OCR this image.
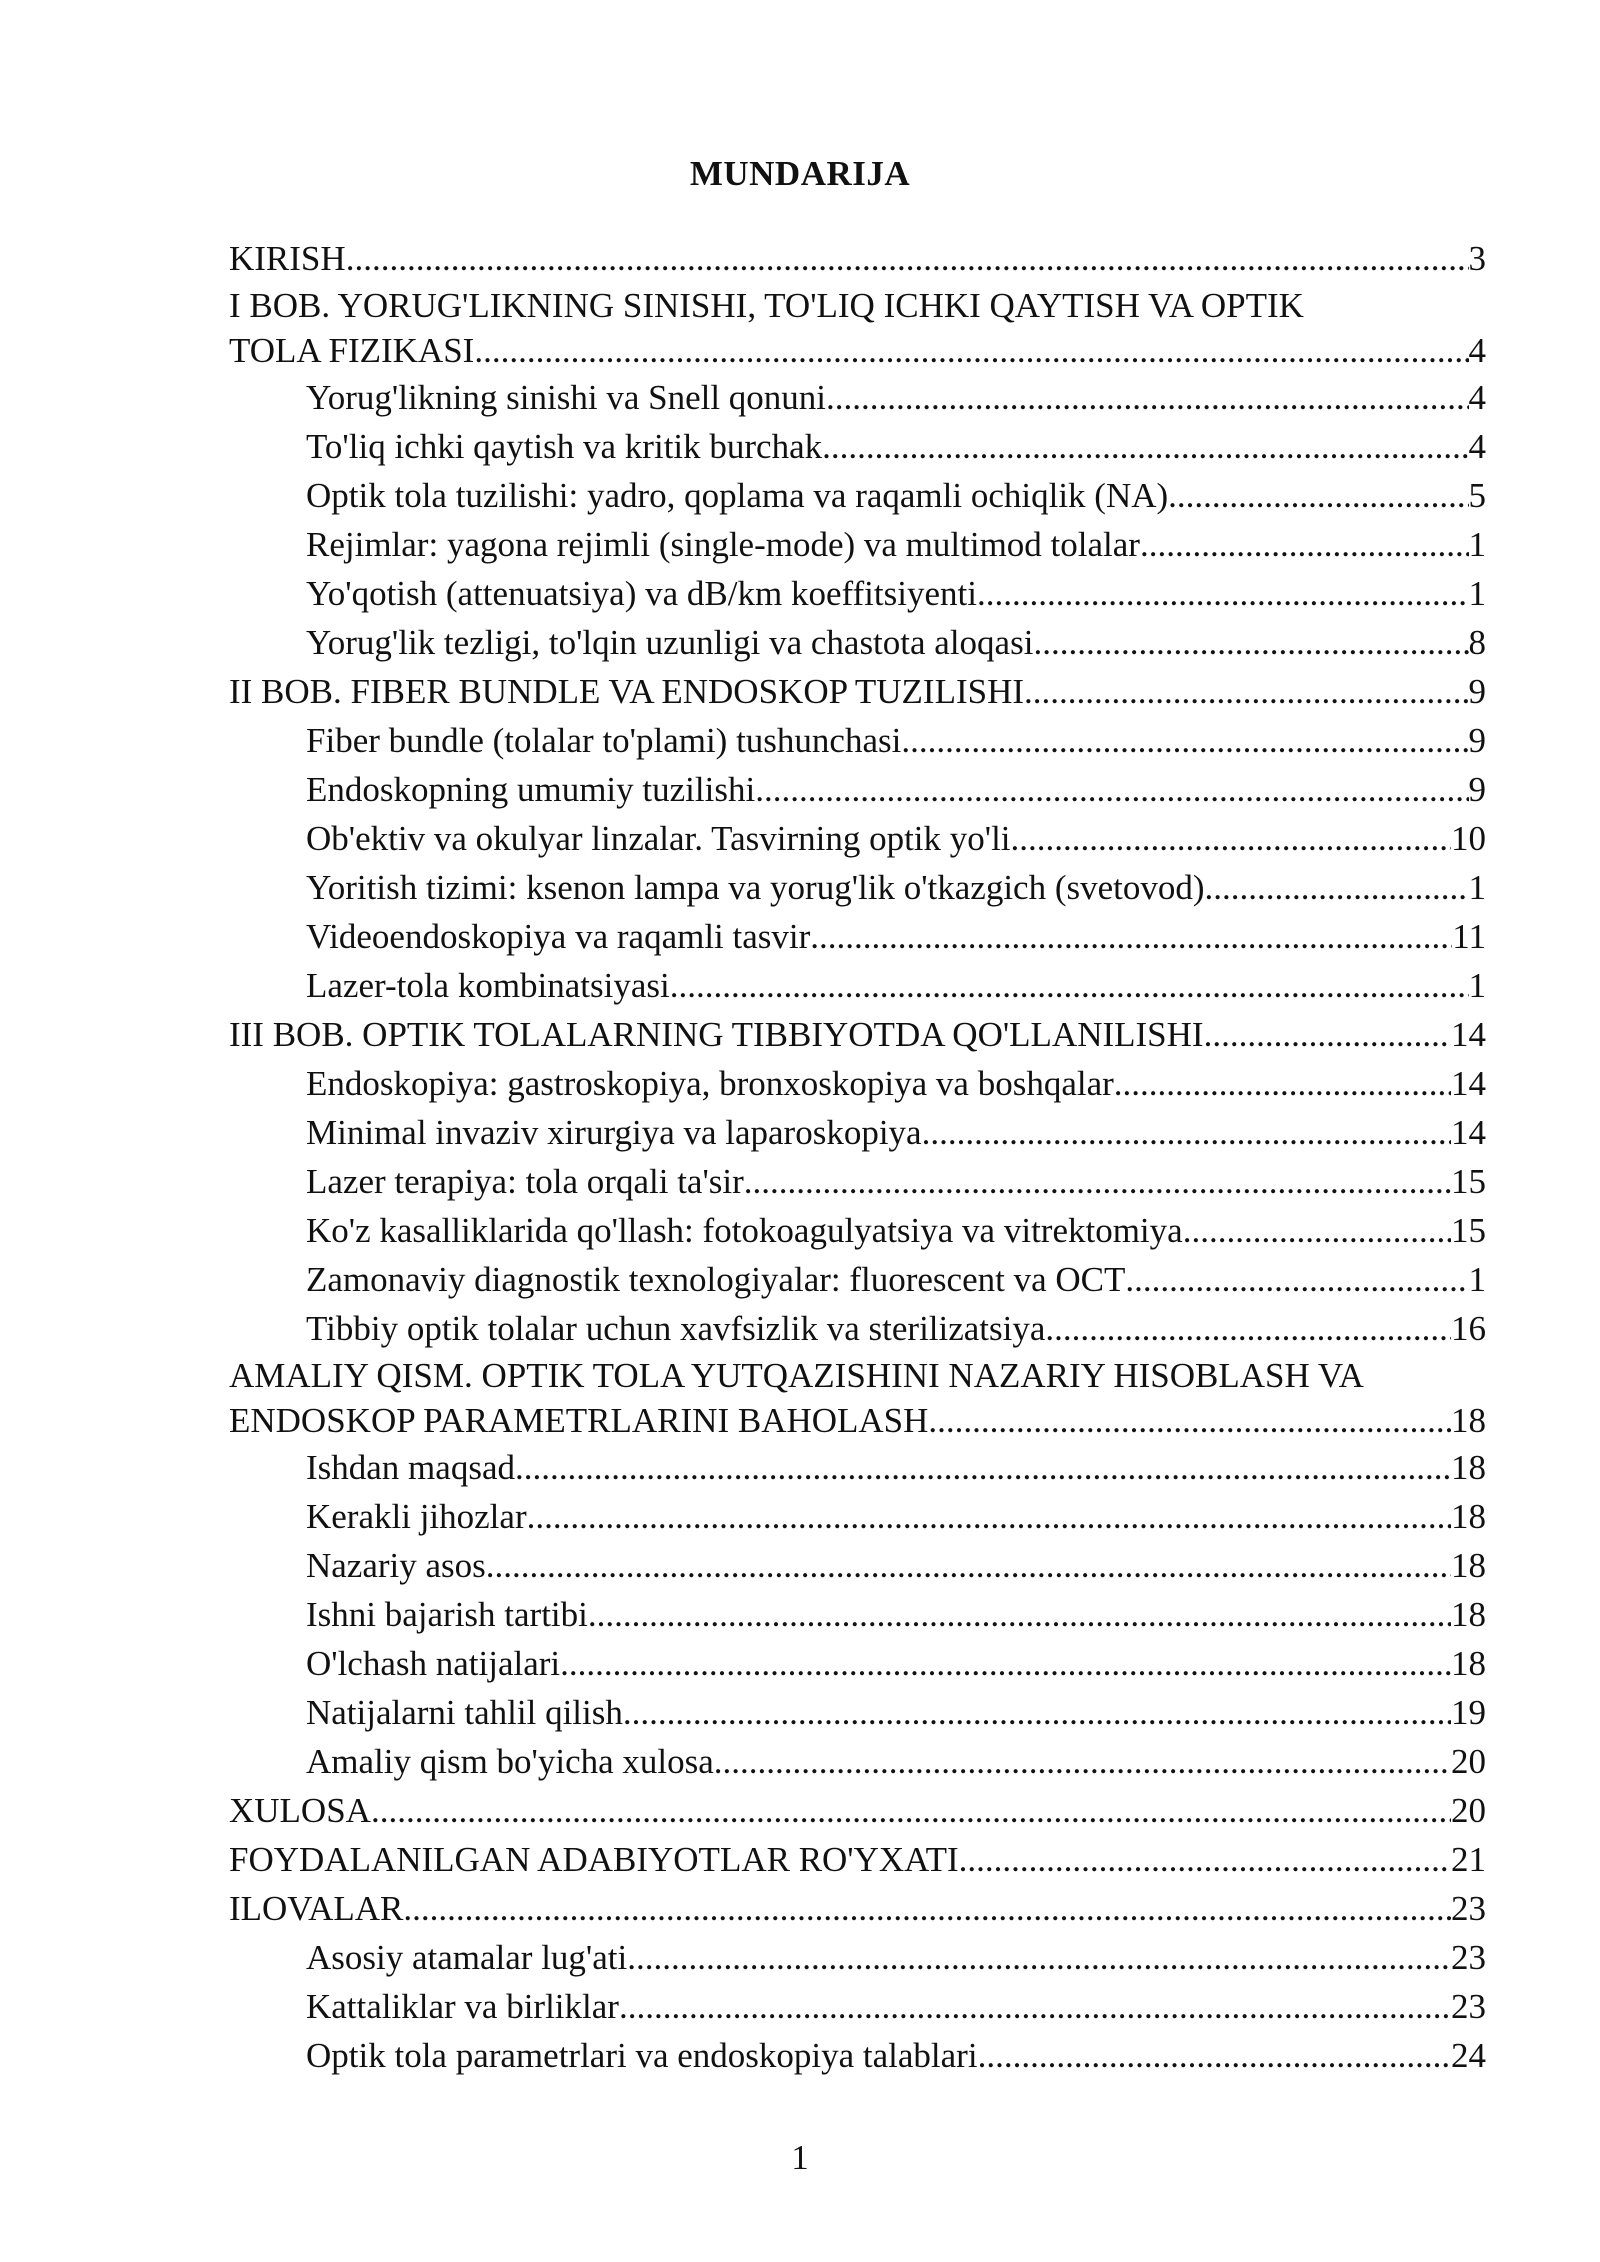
MUNDARIJA
KIRISH .....	3
I BOB. YORUG'LIKNING SINISHI, TO'LIQ ICHKI QAYTISH VA OPTIK
TOLA FIZIKASI .....	4
Yorug'likning sinishi va Snell qonuni .....	4
To'liq ichki qaytish va kritik burchak .....	4
Optik tola tuzilishi: yadro, qoplama va raqamli ochiqlik (NA) .....	5
Rejimlar: yagona rejimli (single-mode) va multimod tolalar .....	1
Yo'qotish (attenuatsiya) va dB/km koeffitsiyenti .....	1
Yorug'lik tezligi, to'lqin uzunligi va chastota aloqasi .....	8
II BOB. FIBER BUNDLE VA ENDOSKOP TUZILISHI .....	9
Fiber bundle (tolalar to'plami) tushunchasi .....	9
Endoskopning umumiy tuzilishi .....	9
Ob'ektiv va okulyar linzalar. Tasvirning optik yo'li .....	10
Yoritish tizimi: ksenon lampa va yorug'lik o'tkazgich (svetovod) .....	1
Videoendoskopiya va raqamli tasvir .....	11
Lazer-tola kombinatsiyasi .....	1
III BOB. OPTIK TOLALARNING TIBBIYOTDA QO'LLANILISHI .....	14
Endoskopiya: gastroskopiya, bronxoskopiya va boshqalar .....	14
Minimal invaziv xirurgiya va laparoskopiya .....	14
Lazer terapiya: tola orqali ta'sir .....	15
Ko'z kasalliklarida qo'llash: fotokoagulyatsiya va vitrektomiya .....	15
Zamonaviy diagnostik texnologiyalar: fluorescent va OCT .....	1
Tibbiy optik tolalar uchun xavfsizlik va sterilizatsiya .....	16
AMALIY QISM. OPTIK TOLA YUTQAZISHINI NAZARIY HISOBLASH VA
ENDOSKOP PARAMETRLARINI BAHOLASH .....	18
Ishdan maqsad .....	18
Kerakli jihozlar .....	18
Nazariy asos .....	18
Ishni bajarish tartibi .....	18
O'lchash natijalari .....	18
Natijalarni tahlil qilish .....	19
Amaliy qism bo'yicha xulosa .....	20
XULOSA .....	20
FOYDALANILGAN ADABIYOTLAR RO'YXATI .....	21
ILOVALAR .....	23
Asosiy atamalar lug'ati .....	23
Kattaliklar va birliklar .....	23
Optik tola parametrlari va endoskopiya talablari .....	24
1
